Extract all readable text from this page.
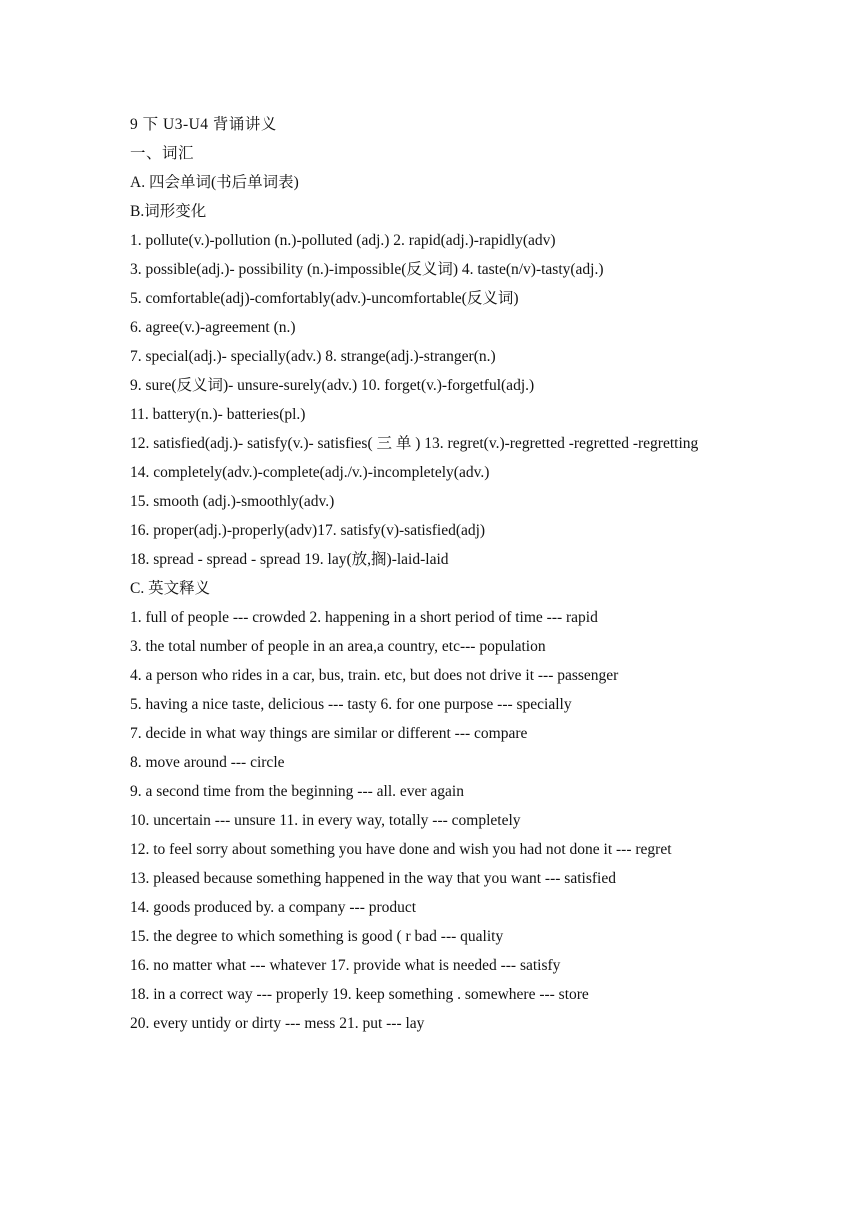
9 下 U3-U4 背诵讲义
一、词汇
A. 四会单词(书后单词表)
B.词形变化
1. pollute(v.)-pollution (n.)-polluted (adj.) 2. rapid(adj.)-rapidly(adv)
3. possible(adj.)- possibility (n.)-impossible(反义词) 4. taste(n/v)-tasty(adj.)
5. comfortable(adj)-comfortably(adv.)-uncomfortable(反义词)
6. agree(v.)-agreement (n.)
7. special(adj.)- specially(adv.) 8. strange(adj.)-stranger(n.)
9. sure(反义词)- unsure-surely(adv.) 10. forget(v.)-forgetful(adj.)
11. battery(n.)- batteries(pl.)
12. satisfied(adj.)- satisfy(v.)- satisfies( 三 单 ) 13. regret(v.)-regretted -regretted -regretting
14. completely(adv.)-complete(adj./v.)-incompletely(adv.)
15. smooth (adj.)-smoothly(adv.)
16. proper(adj.)-properly(adv)17. satisfy(v)-satisfied(adj)
18. spread - spread - spread 19. lay(放,搁)-laid-laid
C. 英文释义
1. full of people --- crowded 2. happening in a short period of time --- rapid
3. the total number of people in an area,a country, etc--- population
4. a person who rides in a car, bus, train. etc, but does not drive it --- passenger
5. having a nice taste, delicious --- tasty 6. for one purpose --- specially
7. decide in what way things are similar or different --- compare
8. move around --- circle
9. a second time from the beginning --- all. ever again
10. uncertain --- unsure 11. in every way, totally --- completely
12. to feel sorry about something you have done and wish you had not done it --- regret
13. pleased because something happened in the way that you want --- satisfied
14. goods produced by. a company --- product
15. the degree to which something is good ( r bad --- quality
16. no matter what --- whatever 17. provide what is needed --- satisfy
18. in a correct way --- properly 19. keep something . somewhere --- store
20. every untidy or dirty --- mess 21. put --- lay
